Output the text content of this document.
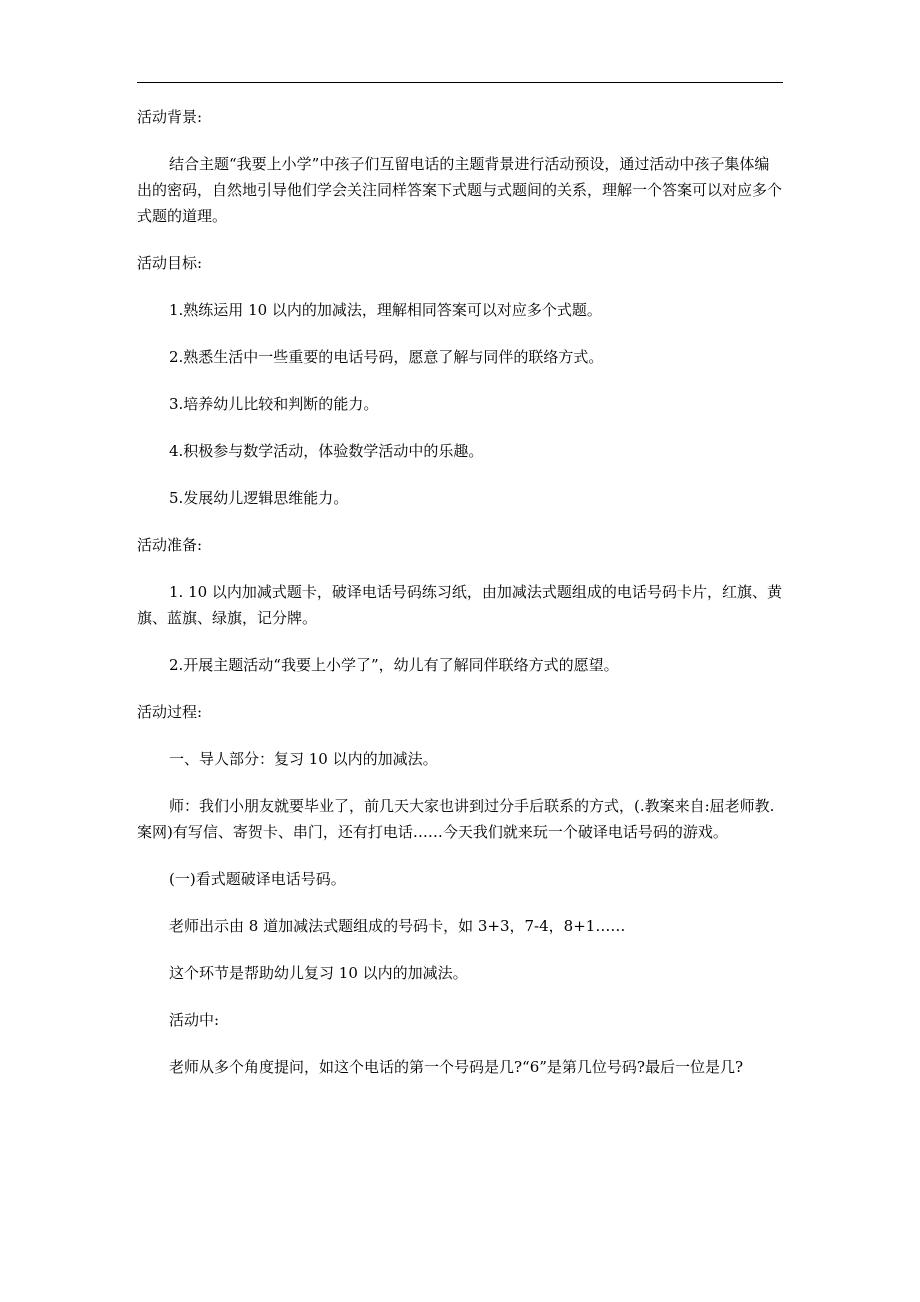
活动背景:

结合主题“我要上小学”中孩子们互留电话的主题背景进行活动预设，通过活动中孩子集体编出的密码，自然地引导他们学会关注同样答案下式题与式题间的关系，理解一个答案可以对应多个式题的道理。

活动目标:

1.熟练运用 10 以内的加减法，理解相同答案可以对应多个式题。

2.熟悉生活中一些重要的电话号码，愿意了解与同伴的联络方式。

3.培养幼儿比较和判断的能力。

4.积极参与数学活动，体验数学活动中的乐趣。

5.发展幼儿逻辑思维能力。

活动准备:

1. 10 以内加减式题卡，破译电话号码练习纸，由加减法式题组成的电话号码卡片，红旗、黄旗、蓝旗、绿旗，记分牌。

2.开展主题活动“我要上小学了”，幼儿有了解同伴联络方式的愿望。

活动过程:

一、导人部分：复习 10 以内的加减法。

师：我们小朋友就要毕业了，前几天大家也讲到过分手后联系的方式，(.教案来自:屈老师教.案网)有写信、寄贺卡、串门，还有打电话……今天我们就来玩一个破译电话号码的游戏。

(一)看式题破译电话号码。

老师出示由 8 道加减法式题组成的号码卡，如 3+3，7-4，8+1……

这个环节是帮助幼儿复习 10 以内的加减法。

活动中:

老师从多个角度提问，如这个电话的第一个号码是几?“6”是第几位号码?最后一位是几?
